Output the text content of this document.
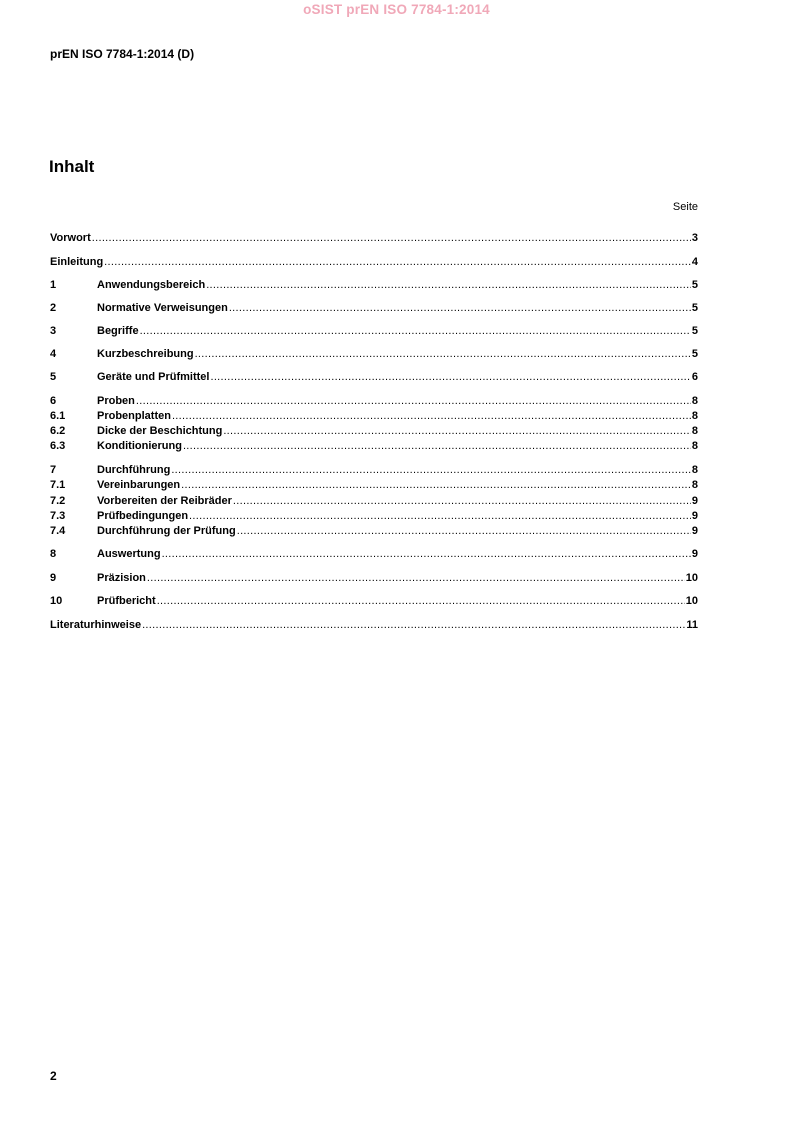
oSIST prEN ISO 7784-1:2014
prEN ISO 7784-1:2014 (D)
Inhalt
Seite
Vorwort .....	3
Einleitung .....	4
1	Anwendungsbereich .....	5
2	Normative Verweisungen .....	5
3	Begriffe .....	5
4	Kurzbeschreibung .....	5
5	Geräte und Prüfmittel .....	6
6	Proben .....	8
6.1	Probenplatten .....	8
6.2	Dicke der Beschichtung .....	8
6.3	Konditionierung .....	8
7	Durchführung .....	8
7.1	Vereinbarungen .....	8
7.2	Vorbereiten der Reibräder .....	9
7.3	Prüfbedingungen .....	9
7.4	Durchführung der Prüfung .....	9
8	Auswertung .....	9
9	Präzision .....	10
10	Prüfbericht .....	10
Literaturhinweise .....	11
2
